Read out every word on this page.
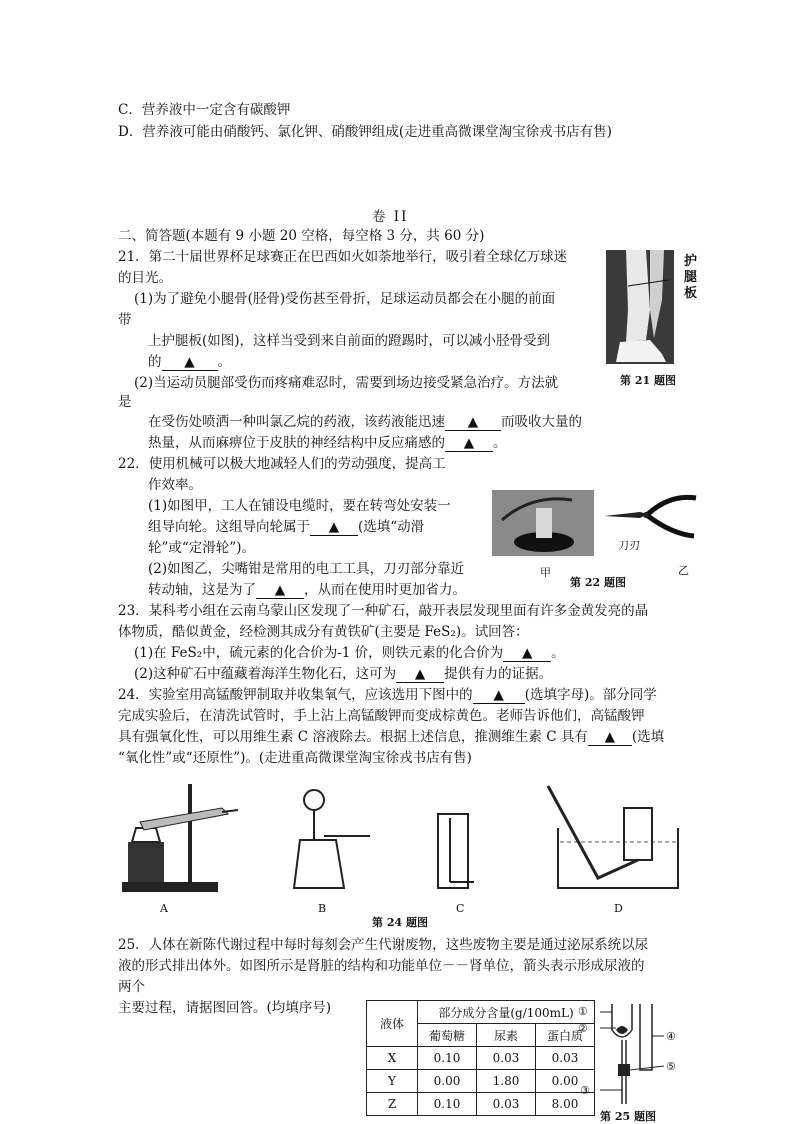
C．营养液中一定含有碳酸钾
D．营养液可能由硝酸钙、氯化钾、硝酸钾组成(走进重高微课堂淘宝徐戎书店有售)
卷 II
二、简答题(本题有 9 小题 20 空格，每空格 3 分，共 60 分)
21．第二十届世界杯足球赛正在巴西如火如荼地举行，吸引着全球亿万球迷
的目光。
(1)为了避免小腿骨(胫骨)受伤甚至骨折，足球运动员都会在小腿的前面
带
上护腿板(如图)，这样当受到来自前面的蹬踢时，可以减小胫骨受到
的 ▲ 。
(2)当运动员腿部受伤而疼痛难忍时，需要到场边接受紧急治疗。方法就
是
在受伤处喷洒一种叫氯乙烷的药液，该药液能迅速 ▲ 而吸收大量的
热量，从而麻痹位于皮肤的神经结构中反应痛感的 ▲ 。
22．使用机械可以极大地减轻人们的劳动强度，提高工
作效率。
(1)如图甲，工人在铺设电缆时，要在转弯处安装一
组导向轮。这组导向轮属于 ▲ (选填“动滑
轮”或“定滑轮”)。
(2)如图乙，尖嘴钳是常用的电工工具，刀刃部分靠近
转动轴，这是为了 ▲ ，从而在使用时更加省力。
23．某科考小组在云南乌蒙山区发现了一种矿石，敲开表层发现里面有许多金黄发亮的晶
体物质，酷似黄金，经检测其成分有黄铁矿(主要是 FeS₂)。试回答：
(1)在 FeS₂中，硫元素的化合价为-1 价，则铁元素的化合价为 ▲ 。
(2)这种矿石中蕴藏着海洋生物化石，这可为 ▲ 提供有力的证据。
24．实验室用高锰酸钾制取并收集氧气，应该选用下图中的 ▲ (选填字母)。部分同学
完成实验后，在清洗试管时，手上沾上高锰酸钾而变成棕黄色。老师告诉他们，高锰酸钾
具有强氧化性，可以用维生素 C 溶液除去。根据上述信息，推测维生素 C 具有 ▲ (选填
“氧化性”或“还原性”)。(走进重高微课堂淘宝徐戎书店有售)
25．人体在新陈代谢过程中每时每刻会产生代谢废物，这些废物主要是通过泌尿系统以尿
液的形式排出体外。如图所示是肾脏的结构和功能单位－－肾单位，箭头表示形成尿液的
两个
主要过程，请据图回答。(均填序号)
护腿板
第 21 题图
甲
刀刃
乙
第 22 题图
A	B	C	D
第 24 题图
液体	部分成分含量(g/100mL)		
	葡萄糖	尿素	蛋白质
X	0.10	0.03	0.03
Y	0.00	1.80	0.00
Z	0.10	0.03	8.00
①
②
③
④
⑤
第 25 题图
